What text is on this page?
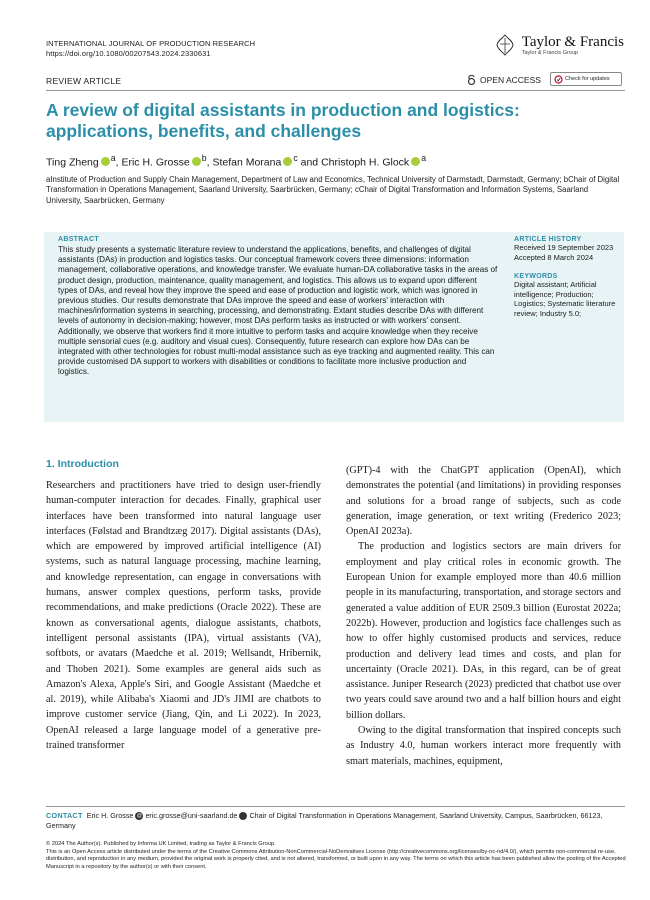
INTERNATIONAL JOURNAL OF PRODUCTION RESEARCH
https://doi.org/10.1080/00207543.2024.2330631
Taylor & Francis
Taylor & Francis Group
REVIEW ARTICLE	OPEN ACCESS	Check for updates
A review of digital assistants in production and logistics: applications, benefits, and challenges
Ting Zheng $^a$, Eric H. Grosse $^b$, Stefan Morana $^c$ and Christoph H. Glock $^a$
aInstitute of Production and Supply Chain Management, Department of Law and Economics, Technical University of Darmstadt, Darmstadt, Germany; bChair of Digital Transformation in Operations Management, Saarland University, Saarbrücken, Germany; cChair of Digital Transformation and Information Systems, Saarland University, Saarbrücken, Germany
ABSTRACT
This study presents a systematic literature review to understand the applications, benefits, and challenges of digital assistants (DAs) in production and logistics tasks. Our conceptual framework covers three dimensions: information management, collaborative operations, and knowledge transfer. We evaluate human-DA collaborative tasks in the areas of product design, production, maintenance, quality management, and logistics. This allows us to expand upon different types of DAs, and reveal how they improve the speed and ease of production and logistic work, which was ignored in previous studies. Our results demonstrate that DAs improve the speed and ease of workers' interaction with machines/information systems in searching, processing, and demonstrating. Extant studies describe DAs with different levels of autonomy in decision-making; however, most DAs perform tasks as instructed or with workers' consent. Additionally, we observe that workers find it more intuitive to perform tasks and acquire knowledge when they receive multiple sensorial cues (e.g. auditory and visual cues). Consequently, future research can explore how DAs can be integrated with other technologies for robust multi-modal assistance such as eye tracking and augmented reality. This can provide customised DA support to workers with disabilities or conditions to facilitate more inclusive production and logistics.
ARTICLE HISTORY
Received 19 September 2023
Accepted 8 March 2024
KEYWORDS
Digital assistant; Artificial intelligence; Production; Logistics; Systematic literature review; Industry 5.0;
1. Introduction

Researchers and practitioners have tried to design user-friendly human-computer interaction for decades. Finally, graphical user interfaces have been transformed into natural language user interfaces (Følstad and Brandtzæg 2017). Digital assistants (DAs), which are empowered by improved artificial intelligence (AI) systems, such as natural language processing, machine learning, and knowledge representation, can engage in conversations with humans, answer complex questions, perform tasks, provide recommendations, and make predictions (Oracle 2022). These are known as conversational agents, dialogue assistants, chatbots, intelligent personal assistants (IPA), virtual assistants (VA), softbots, or avatars (Maedche et al. 2019; Wellsandt, Hribernik, and Thoben 2021). Some examples are general aids such as Amazon's Alexa, Apple's Siri, and Google Assistant (Maedche et al. 2019), while Alibaba's Xiaomi and JD's JIMI are chatbots to improve customer service (Jiang, Qin, and Li 2022). In 2023, OpenAI released a large language model of a generative pre-trained transformer

(GPT)-4 with the ChatGPT application (OpenAI), which demonstrates the potential (and limitations) in providing responses and solutions for a broad range of subjects, such as code generation, image generation, or text writing (Frederico 2023; OpenAI 2023a).

The production and logistics sectors are main drivers for employment and play critical roles in economic growth. The European Union for example employed more than 40.6 million people in its manufacturing, transportation, and storage sectors and generated a value addition of EUR 2509.3 billion (Eurostat 2022a; 2022b). However, production and logistics face challenges such as how to offer highly customised products and services, reduce production and delivery lead times and costs, and plan for uncertainty (Oracle 2021). DAs, in this regard, can be of great assistance. Juniper Research (2023) predicted that chatbot use over two years could save around two and a half billion hours and eight billion dollars.

Owing to the digital transformation that inspired concepts such as Industry 4.0, human workers interact more frequently with smart materials, machines, equipment,

CONTACT Eric H. Grosse @ eric.grosse@uni-saarland.de Chair of Digital Transformation in Operations Management, Saarland University, Campus, Saarbrücken, 66123, Germany
© 2024 The Author(s). Published by Informa UK Limited, trading as Taylor & Francis Group.
This is an Open Access article distributed under the terms of the Creative Commons Attribution-NonCommercial-NoDerivatives License (http://creativecommons.org/licenses/by-nc-nd/4.0/), which permits non-commercial re-use, distribution, and reproduction in any medium, provided the original work is properly cited, and is not altered, transformed, or built upon in any way. The terms on which this article has been published allow the posting of the Accepted Manuscript in a repository by the author(s) or with their consent.
